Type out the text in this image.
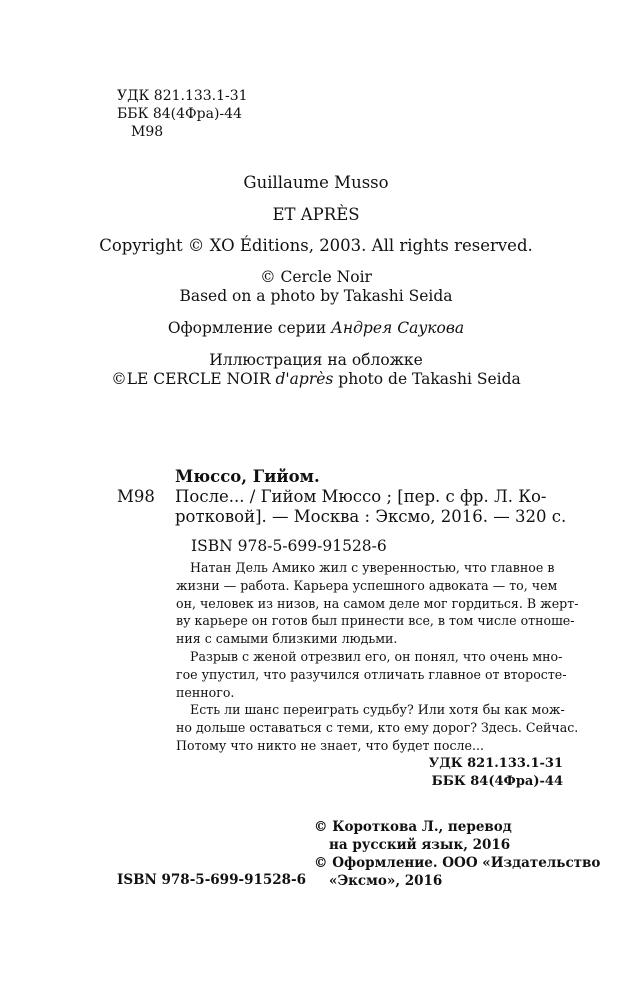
УДК 821.133.1-31
ББК 84(4Фра)-44
М98
Guillaume Musso
ET APRÈS
Copyright © XO Éditions, 2003. All rights reserved.
© Cercle Noir
Based on a photo by Takashi Seida
Оформление серии Андрея Саукова
Иллюстрация на обложке
©LE CERCLE NOIR d'après photo de Takashi Seida
Мюссо, Гийом.
М98 После... / Гийом Мюссо ; [пер. с фр. Л. Ко-
ротковой]. — Москва : Эксмо, 2016. — 320 с.
ISBN 978-5-699-91528-6
Натан Дель Амико жил с уверенностью, что главное в
жизни — работа. Карьера успешного адвоката — то, чем
он, человек из низов, на самом деле мог гордиться. В жерт-
ву карьере он готов был принести все, в том числе отноше-
ния с самыми близкими людьми.
Разрыв с женой отрезвил его, он понял, что очень мно-
гое упустил, что разучился отличать главное от второсте-
пенного.
Есть ли шанс переиграть судьбу? Или хотя бы как мож-
но дольше оставаться с теми, кто ему дорог? Здесь. Сейчас.
Потому что никто не знает, что будет после...
УДК 821.133.1-31
ББК 84(4Фра)-44
© Короткова Л., перевод
на русский язык, 2016
© Оформление. ООО «Издательство
«Эксмо», 2016
ISBN 978-5-699-91528-6
